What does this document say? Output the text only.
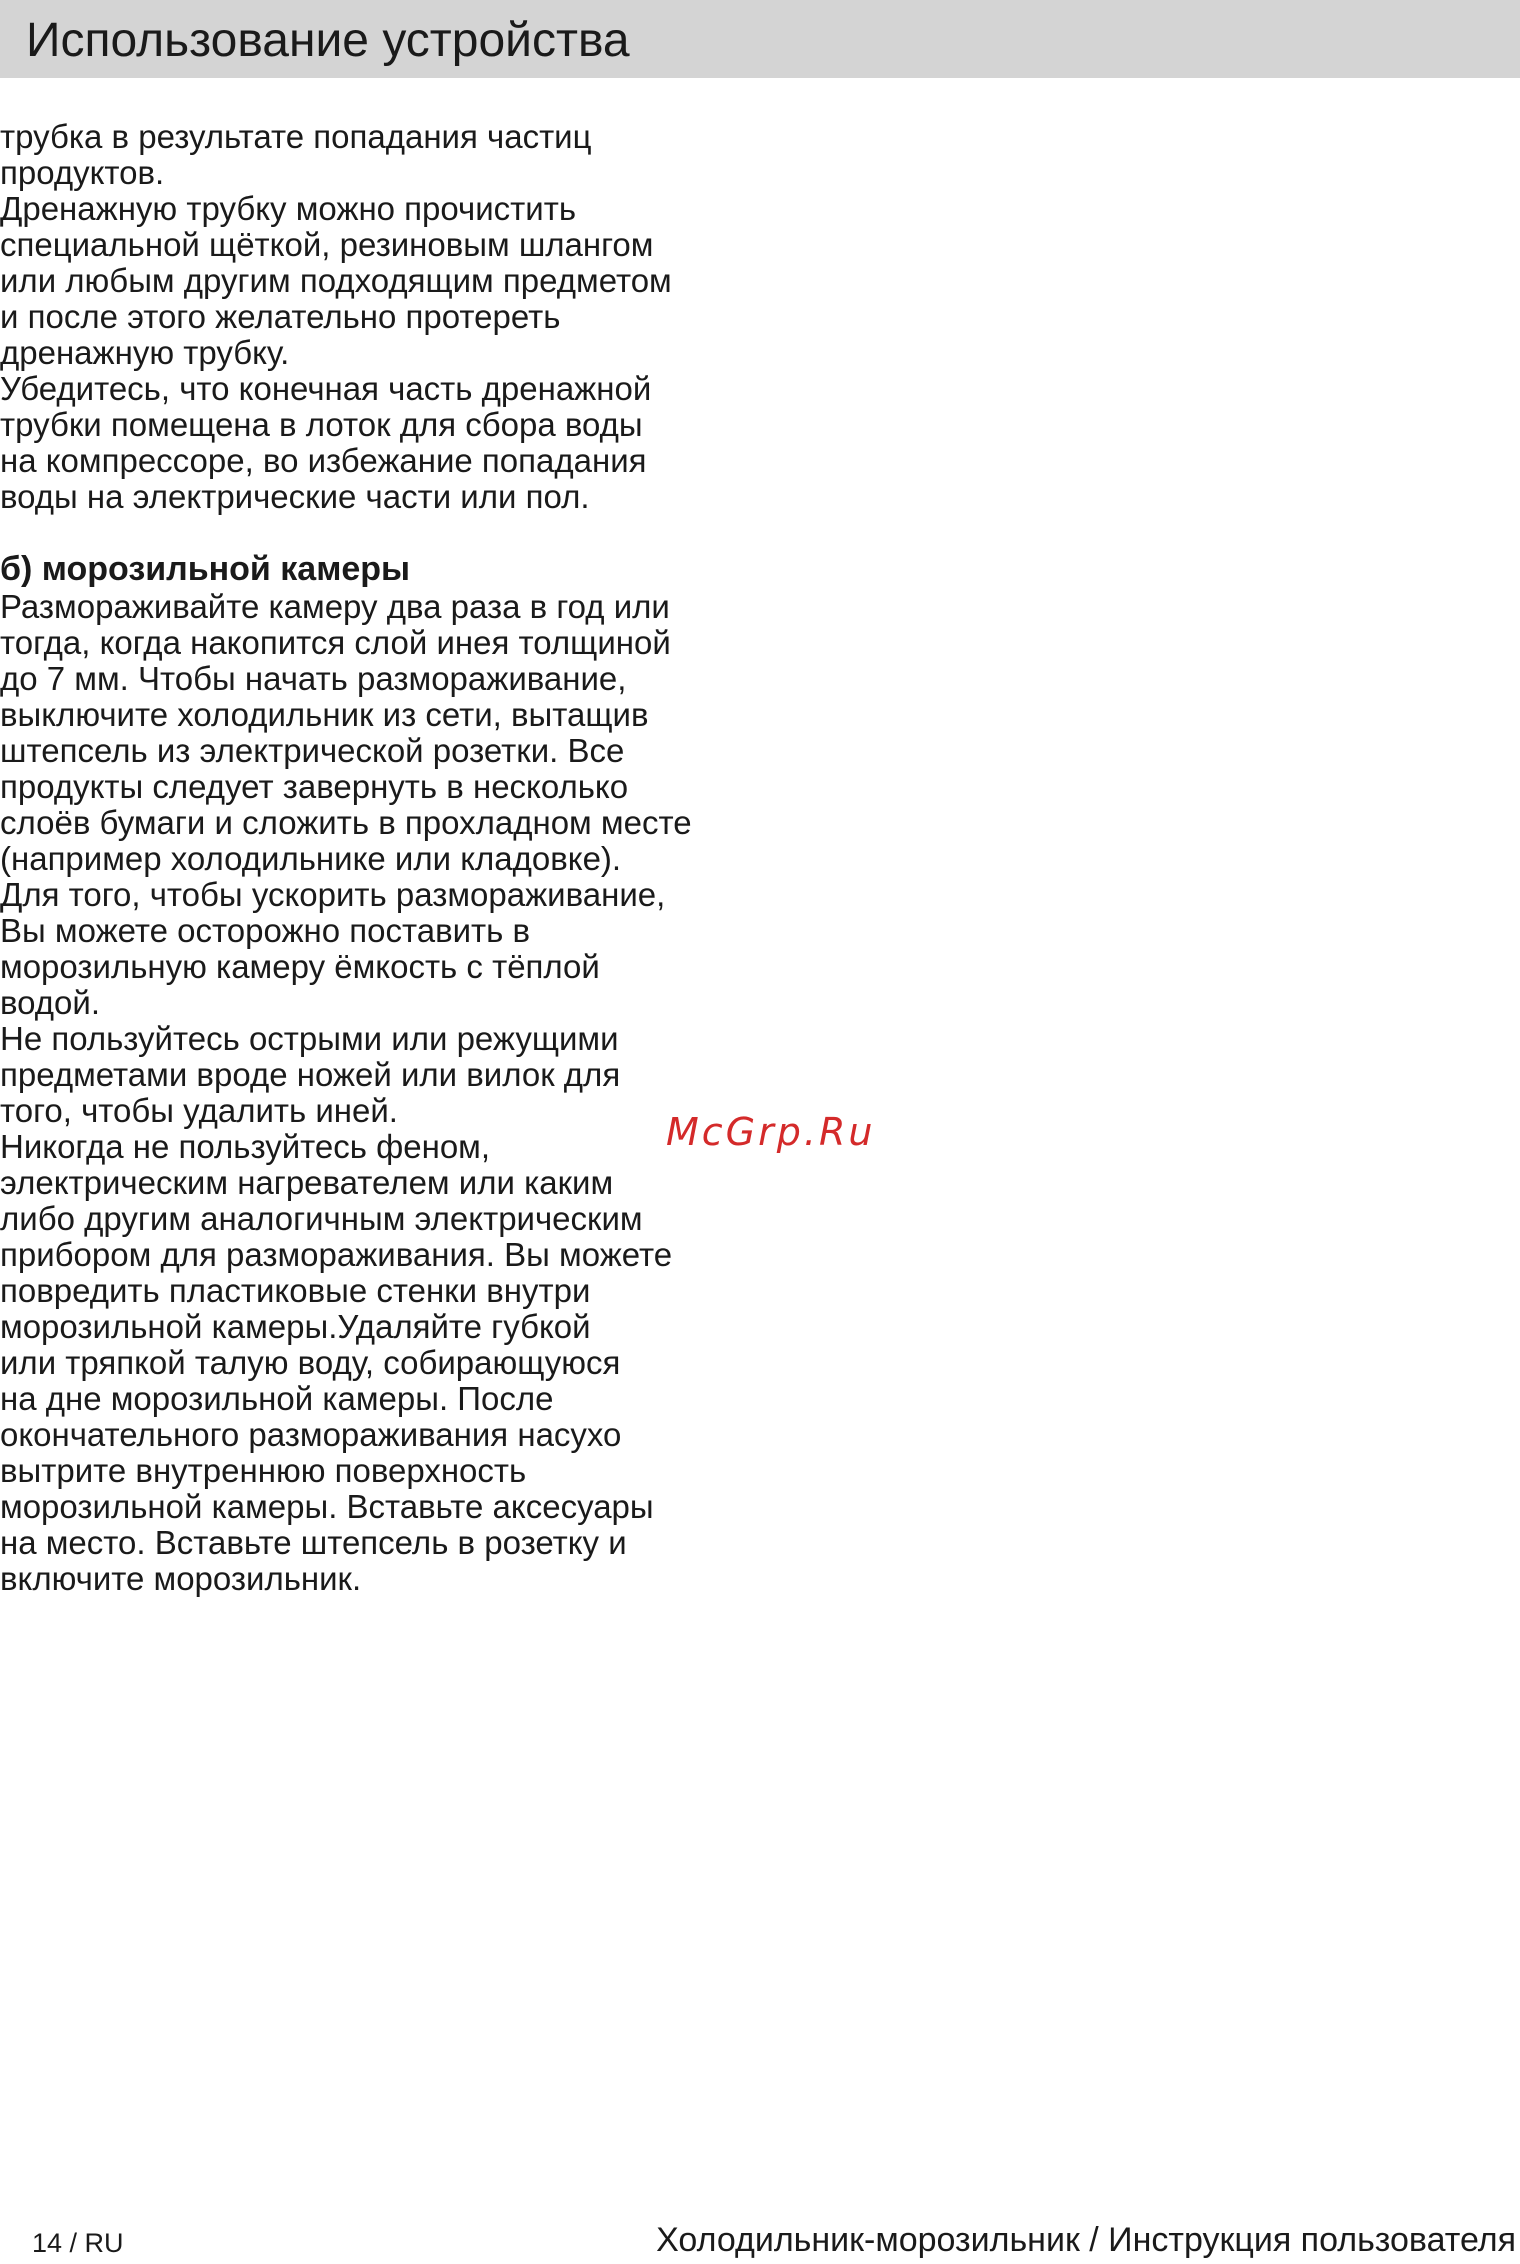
Использование устройства
трубка в результате попадания частиц
продуктов.
Дренажную трубку можно прочистить
специальной щёткой, резиновым шлангом
или любым другим подходящим предметом
и после этого желательно протереть
дренажную трубку.
Убедитесь, что конечная часть дренажной
трубки помещена в лоток для сбора воды
на компрессоре, во избежание попадания
воды на электрические части или пол.
б) морозильной камеры
Размораживайте камеру два раза в год или
тогда, когда накопится слой инея толщиной
до 7 мм. Чтобы начать размораживание,
выключите холодильник из сети, вытащив
штепсель из электрической розетки. Все
продукты следует завернуть в несколько
слоёв бумаги и сложить в прохладном месте
(например холодильнике или кладовке).
Для того, чтобы ускорить размораживание,
Вы можете осторожно поставить в
морозильную камеру ёмкость с тёплой
водой.
Не пользуйтесь острыми или режущими
предметами вроде ножей или вилок для
того, чтобы удалить иней.
Никогда не пользуйтесь феном,
электрическим нагревателем или каким
либо другим аналогичным электрическим
прибором для размораживания. Вы можете
повредить пластиковые стенки внутри
морозильной камеры.Удаляйте губкой
или тряпкой талую воду, собирающуюся
на дне морозильной камеры. После
окончательного размораживания насухо
вытрите внутреннюю поверхность
морозильной камеры. Вставьте аксесуары
на место. Вставьте штепсель в розетку и
включите морозильник.
McGrp.Ru
14 / RU	Холодильник-морозильник / Инструкция пользователя
